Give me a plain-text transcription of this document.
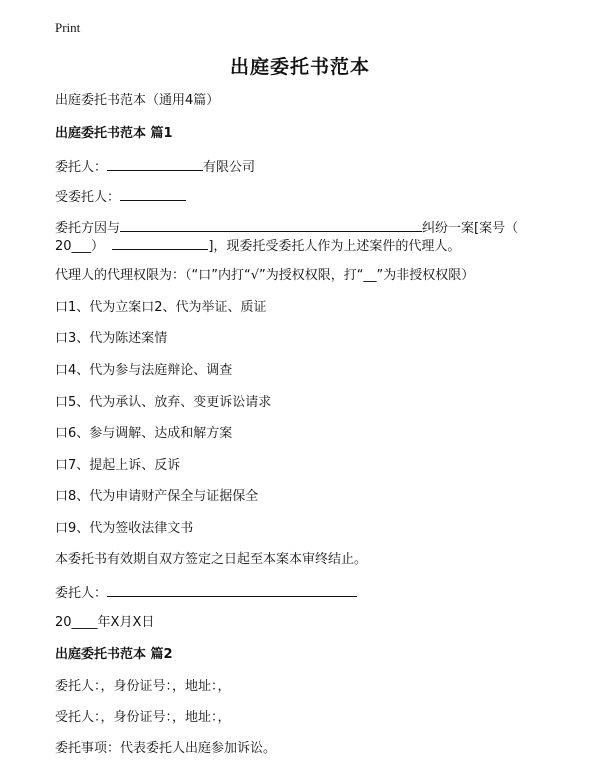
Print
出庭委托书范本
出庭委托书范本（通用4篇）
出庭委托书范本 篇1
委托人：	有限公司
受委托人：
委托方因与	纠纷一案[案号（
20___）	]，现委托受委托人作为上述案件的代理人。
代理人的代理权限为：（“口”内打“√”为授权权限，打“__”为非授权权限）
口1、代为立案口2、代为举证、质证
口3、代为陈述案情
口4、代为参与法庭辩论、调查
口5、代为承认、放弃、变更诉讼请求
口6、参与调解、达成和解方案
口7、提起上诉、反诉
口8、代为申请财产保全与证据保全
口9、代为签收法律文书
本委托书有效期自双方签定之日起至本案本审终结止。
委托人：
20____年X月X日
出庭委托书范本 篇2
委托人：，身份证号：，地址：，
受托人：，身份证号：，地址：，
委托事项：代表委托人出庭参加诉讼。
